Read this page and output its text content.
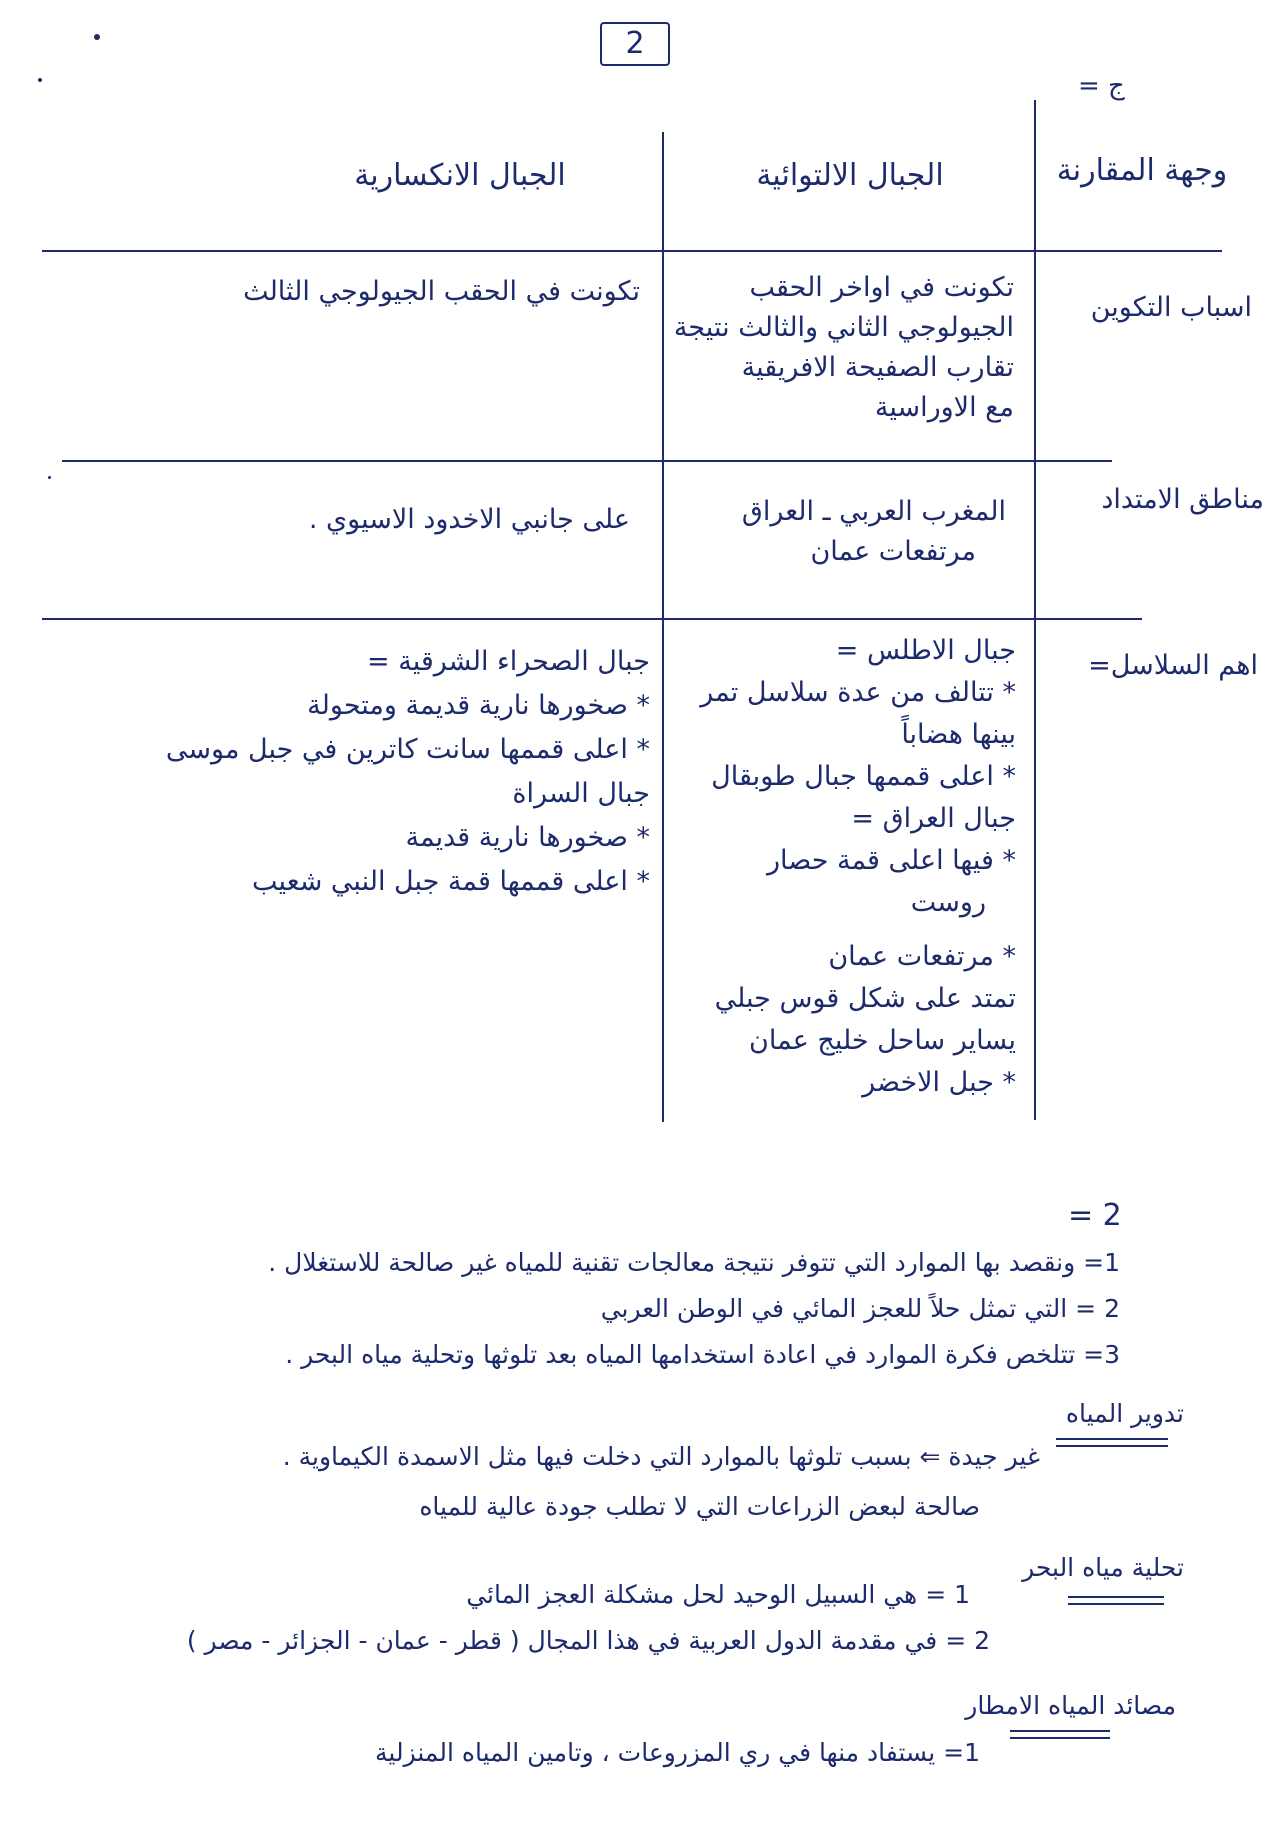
2
ج =
وجهة المقارنة
الجبال الالتوائية
الجبال الانكسارية
اسباب التكوين
تكونت في اواخر الحقب
الجيولوجي الثاني والثالث نتيجة
تقارب الصفيحة الافريقية
مع الاوراسية
تكونت في الحقب الجيولوجي الثالث
مناطق الامتداد
المغرب العربي ـ العراق
مرتفعات عمان
على جانبي الاخدود الاسيوي .
اهم السلاسل=
جبال الاطلس =
* تتالف من عدة سلاسل تمر
بينها هضاباً
* اعلى قممها جبال طوبقال
جبال العراق =
* فيها اعلى قمة حصار
روست
* مرتفعات عمان
تمتد على شكل قوس جبلي
يساير ساحل خليج عمان
* جبل الاخضر
جبال الصحراء الشرقية =
* صخورها نارية قديمة ومتحولة
* اعلى قممها سانت كاترين في جبل موسى
جبال السراة
* صخورها نارية قديمة
* اعلى قممها قمة جبل النبي شعيب
= 2
1= ونقصد بها الموارد التي تتوفر نتيجة معالجات تقنية للمياه غير صالحة للاستغلال .
2 = التي تمثل حلاً للعجز المائي في الوطن العربي
3= تتلخص فكرة الموارد في اعادة استخدامها المياه بعد تلوثها وتحلية مياه البحر .
تدوير المياه
غير جيدة ⇐ بسبب تلوثها بالموارد التي دخلت فيها مثل الاسمدة الكيماوية .
صالحة لبعض الزراعات التي لا تطلب جودة عالية للمياه
تحلية مياه البحر
1 = هي السبيل الوحيد لحل مشكلة العجز المائي
2 = في مقدمة الدول العربية في هذا المجال ( قطر - عمان - الجزائر - مصر )
مصائد المياه الامطار
1= يستفاد منها في ري المزروعات ، وتامين المياه المنزلية
